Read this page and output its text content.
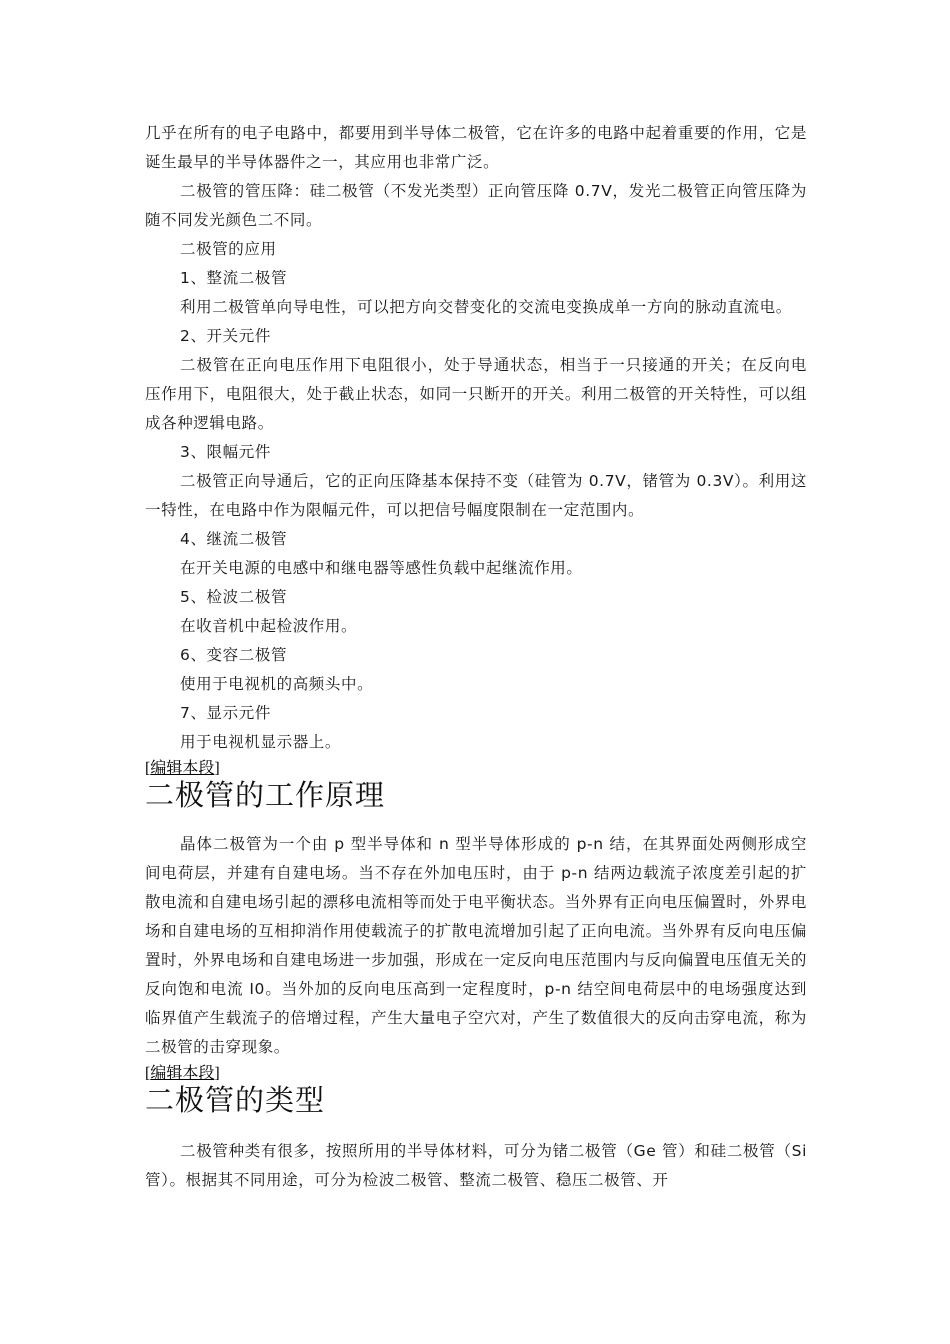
几乎在所有的电子电路中，都要用到半导体二极管，它在许多的电路中起着重要的作用，它是诞生最早的半导体器件之一，其应用也非常广泛。

二极管的管压降：硅二极管（不发光类型）正向管压降 0.7V，发光二极管正向管压降为随不同发光颜色二不同。

二极管的应用

1、整流二极管

利用二极管单向导电性，可以把方向交替变化的交流电变换成单一方向的脉动直流电。

2、开关元件

二极管在正向电压作用下电阻很小，处于导通状态，相当于一只接通的开关；在反向电压作用下，电阻很大，处于截止状态，如同一只断开的开关。利用二极管的开关特性，可以组成各种逻辑电路。

3、限幅元件

二极管正向导通后，它的正向压降基本保持不变（硅管为 0.7V，锗管为 0.3V）。利用这一特性，在电路中作为限幅元件，可以把信号幅度限制在一定范围内。

4、继流二极管

在开关电源的电感中和继电器等感性负载中起继流作用。

5、检波二极管

在收音机中起检波作用。

6、变容二极管

使用于电视机的高频头中。

7、显示元件

用于电视机显示器上。

[编辑本段]
二极管的工作原理

晶体二极管为一个由 p 型半导体和 n 型半导体形成的 p-n 结，在其界面处两侧形成空间电荷层，并建有自建电场。当不存在外加电压时，由于 p-n 结两边载流子浓度差引起的扩散电流和自建电场引起的漂移电流相等而处于电平衡状态。当外界有正向电压偏置时，外界电场和自建电场的互相抑消作用使载流子的扩散电流增加引起了正向电流。当外界有反向电压偏置时，外界电场和自建电场进一步加强，形成在一定反向电压范围内与反向偏置电压值无关的反向饱和电流 I0。当外加的反向电压高到一定程度时，p-n 结空间电荷层中的电场强度达到临界值产生载流子的倍增过程，产生大量电子空穴对，产生了数值很大的反向击穿电流，称为二极管的击穿现象。

[编辑本段]
二极管的类型

二极管种类有很多，按照所用的半导体材料，可分为锗二极管（Ge 管）和硅二极管（Si 管）。根据其不同用途，可分为检波二极管、整流二极管、稳压二极管、开
